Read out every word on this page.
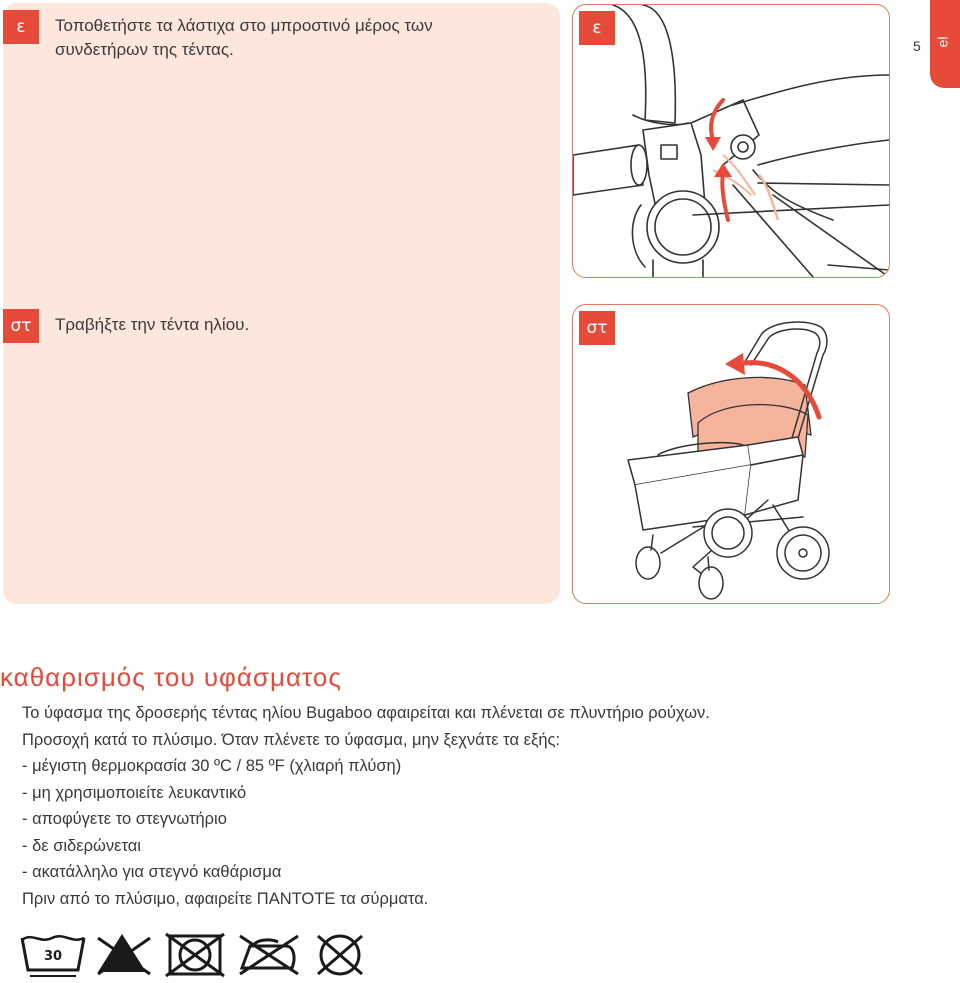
ε	Τοποθετήστε τα λάστιχα στο μπροστινό μέρος των
συνδετήρων της τέντας.
στ	Τραβήξτε την τέντα ηλίου.
ε
στ
5 el
καθαρισμός του υφάσματος
Το ύφασμα της δροσερής τέντας ηλίου Bugaboo αφαιρείται και πλένεται σε πλυντήριο ρούχων.
Προσοχή κατά το πλύσιμο. Όταν πλένετε το ύφασμα, μην ξεχνάτε τα εξής:
- μέγιστη θερμοκρασία 30 ºC / 85 ºF (χλιαρή πλύση)
- μη χρησιμοποιείτε λευκαντικό
- αποφύγετε το στεγνωτήριο
- δε σιδερώνεται
- ακατάλληλο για στεγνό καθάρισμα
Πριν από το πλύσιμο, αφαιρείτε ΠΑΝΤΟΤΕ τα σύρματα.
30
